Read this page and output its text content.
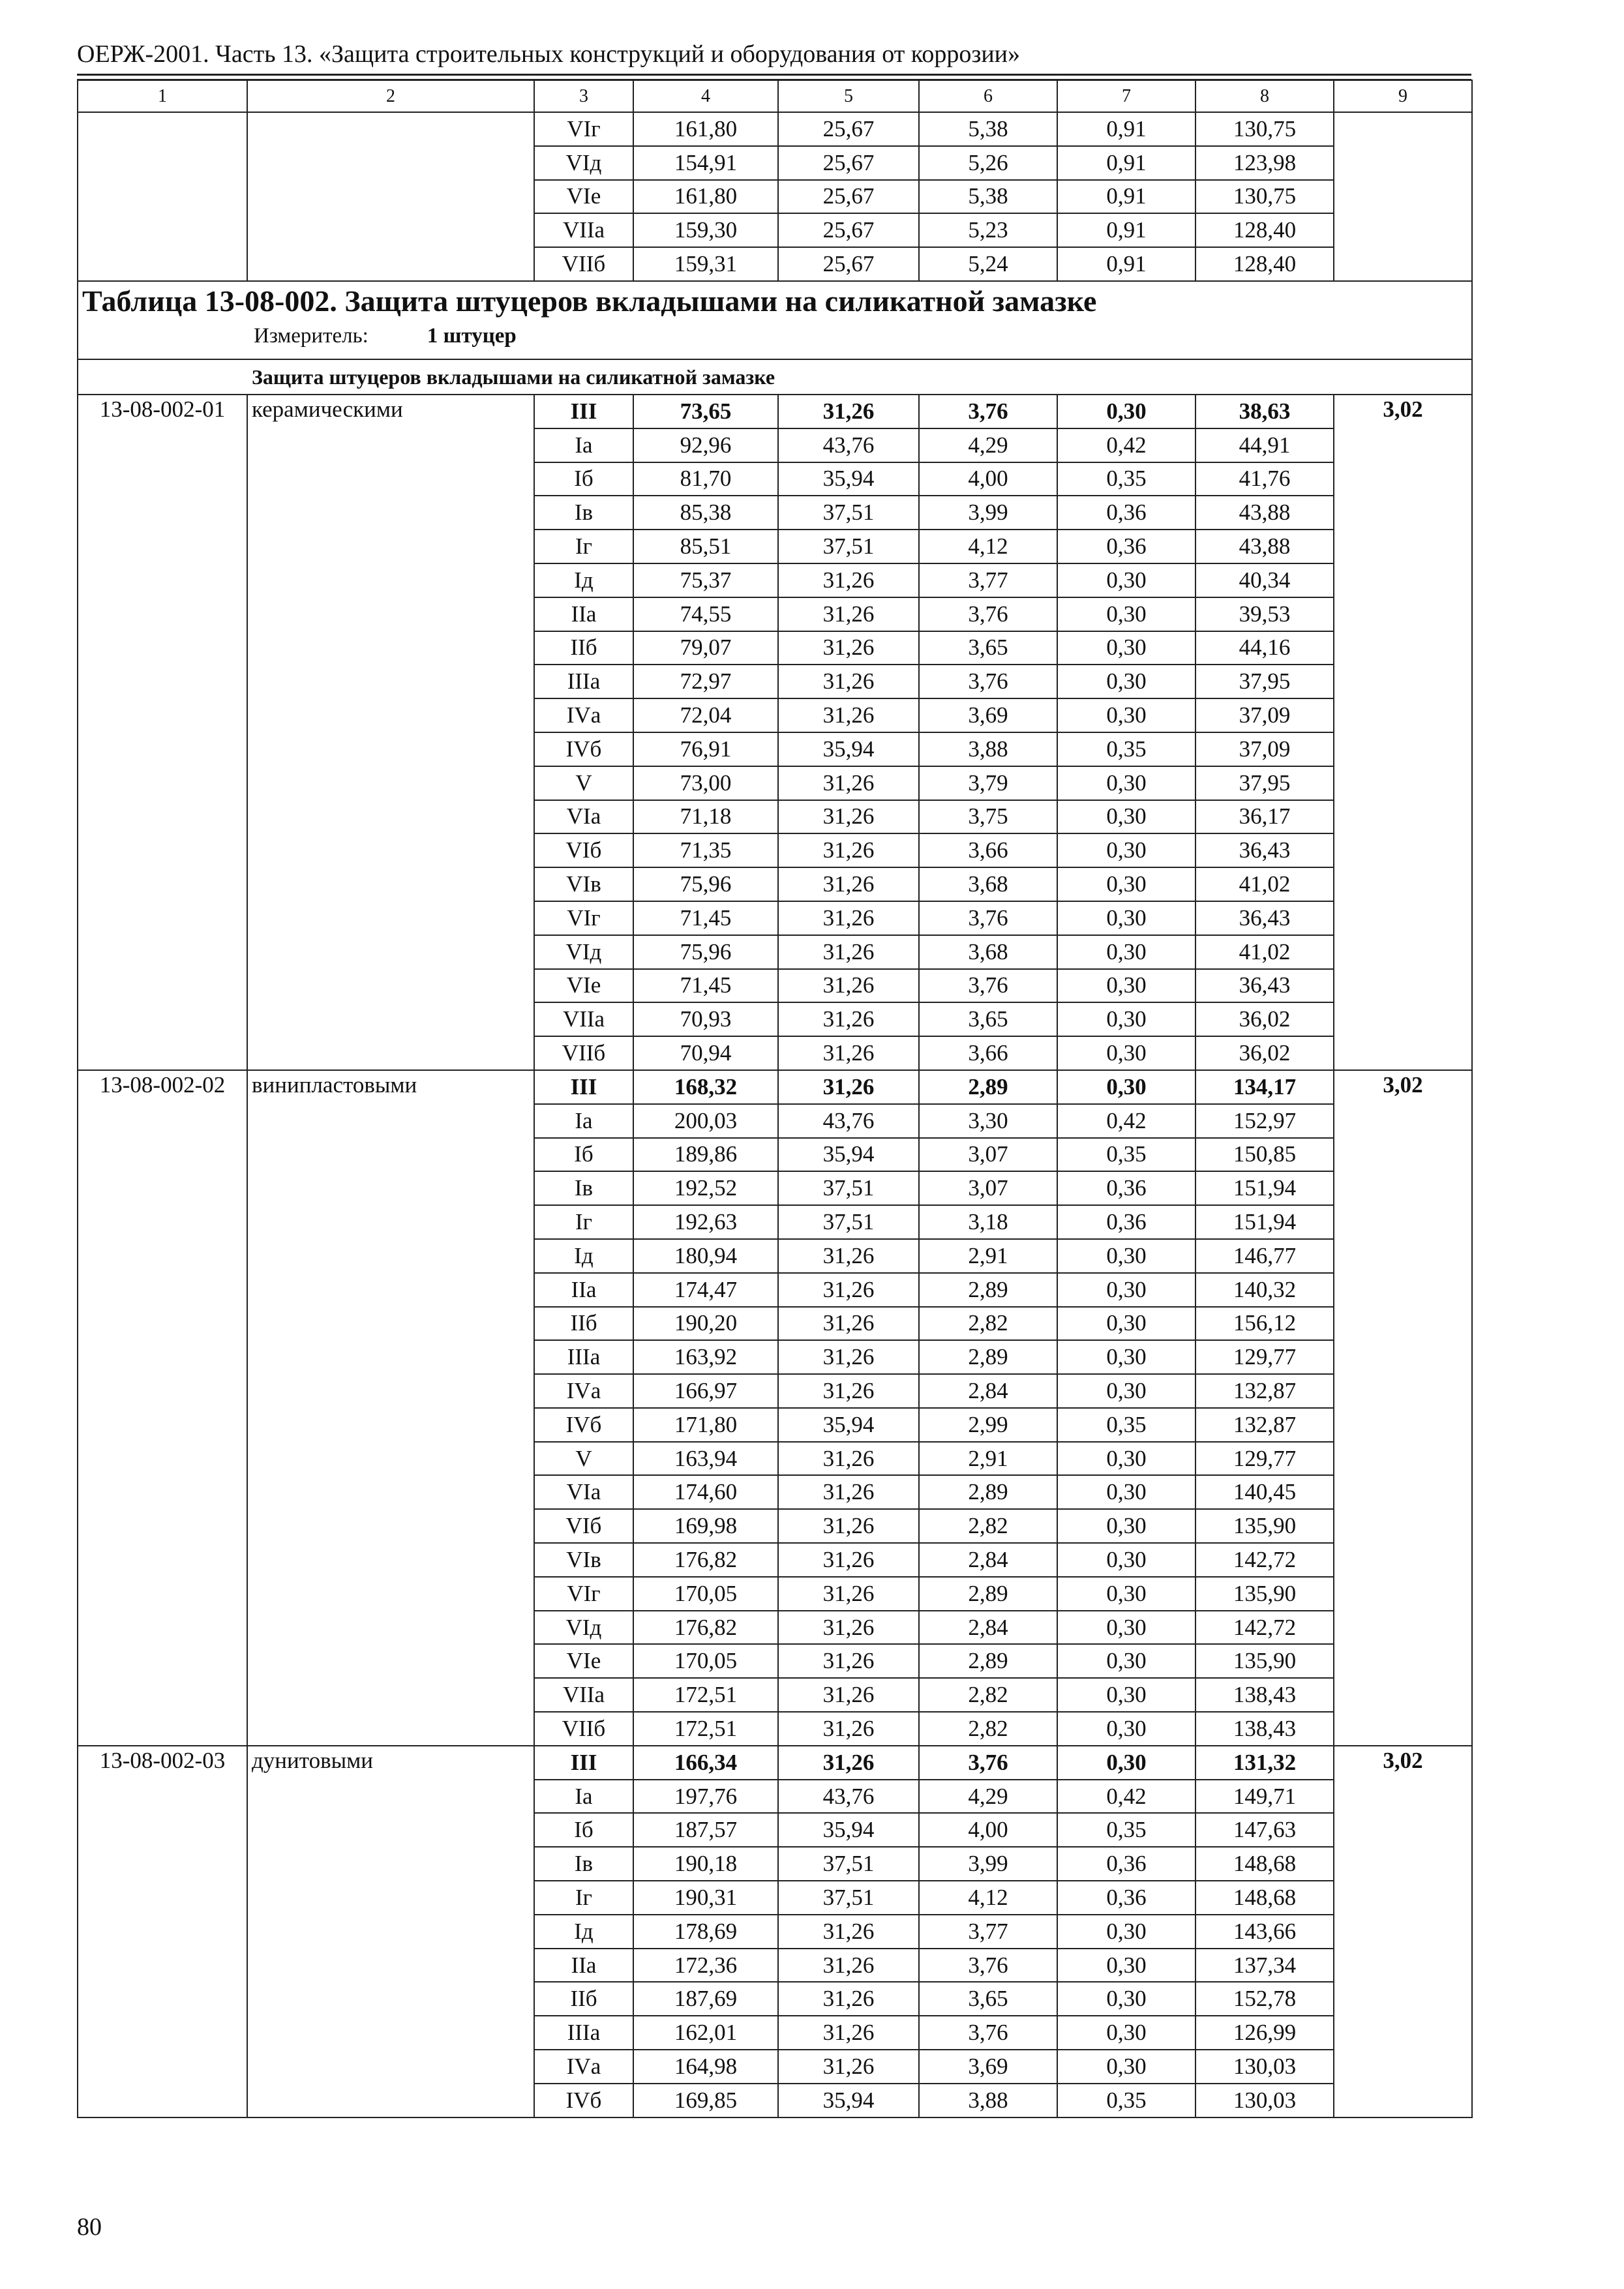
ОЕРЖ-2001. Часть 13. «Защита строительных конструкций и оборудования от коррозии»
1	2	3	4	5	6	7	8	9
		VIг	161,80	25,67	5,38	0,91	130,75	
		VIд	154,91	25,67	5,26	0,91	123,98	
		VIе	161,80	25,67	5,38	0,91	130,75	
		VIIа	159,30	25,67	5,23	0,91	128,40	
		VIIб	159,31	25,67	5,24	0,91	128,40	

Таблица 13-08-002. Защита штуцеров вкладышами на силикатной замазке
Измеритель: 1 штуцер								

	Защита штуцеров вкладышами на силикатной замазке							
13-08-002-01	керамическими	III	73,65	31,26	3,76	0,30	38,63	3,02
		Iа	92,96	43,76	4,29	0,42	44,91	
		Iб	81,70	35,94	4,00	0,35	41,76	
		Iв	85,38	37,51	3,99	0,36	43,88	
		Iг	85,51	37,51	4,12	0,36	43,88	
		Iд	75,37	31,26	3,77	0,30	40,34	
		IIа	74,55	31,26	3,76	0,30	39,53	
		IIб	79,07	31,26	3,65	0,30	44,16	
		IIIа	72,97	31,26	3,76	0,30	37,95	
		IVа	72,04	31,26	3,69	0,30	37,09	
		IVб	76,91	35,94	3,88	0,35	37,09	
		V	73,00	31,26	3,79	0,30	37,95	
		VIа	71,18	31,26	3,75	0,30	36,17	
		VIб	71,35	31,26	3,66	0,30	36,43	
		VIв	75,96	31,26	3,68	0,30	41,02	
		VIг	71,45	31,26	3,76	0,30	36,43	
		VIд	75,96	31,26	3,68	0,30	41,02	
		VIе	71,45	31,26	3,76	0,30	36,43	
		VIIа	70,93	31,26	3,65	0,30	36,02	
		VIIб	70,94	31,26	3,66	0,30	36,02	
13-08-002-02	винипластовыми	III	168,32	31,26	2,89	0,30	134,17	3,02
		Iа	200,03	43,76	3,30	0,42	152,97	
		Iб	189,86	35,94	3,07	0,35	150,85	
		Iв	192,52	37,51	3,07	0,36	151,94	
		Iг	192,63	37,51	3,18	0,36	151,94	
		Iд	180,94	31,26	2,91	0,30	146,77	
		IIа	174,47	31,26	2,89	0,30	140,32	
		IIб	190,20	31,26	2,82	0,30	156,12	
		IIIа	163,92	31,26	2,89	0,30	129,77	
		IVа	166,97	31,26	2,84	0,30	132,87	
		IVб	171,80	35,94	2,99	0,35	132,87	
		V	163,94	31,26	2,91	0,30	129,77	
		VIа	174,60	31,26	2,89	0,30	140,45	
		VIб	169,98	31,26	2,82	0,30	135,90	
		VIв	176,82	31,26	2,84	0,30	142,72	
		VIг	170,05	31,26	2,89	0,30	135,90	
		VIд	176,82	31,26	2,84	0,30	142,72	
		VIе	170,05	31,26	2,89	0,30	135,90	
		VIIа	172,51	31,26	2,82	0,30	138,43	
		VIIб	172,51	31,26	2,82	0,30	138,43	
13-08-002-03	дунитовыми	III	166,34	31,26	3,76	0,30	131,32	3,02
		Iа	197,76	43,76	4,29	0,42	149,71	
		Iб	187,57	35,94	4,00	0,35	147,63	
		Iв	190,18	37,51	3,99	0,36	148,68	
		Iг	190,31	37,51	4,12	0,36	148,68	
		Iд	178,69	31,26	3,77	0,30	143,66	
		IIа	172,36	31,26	3,76	0,30	137,34	
		IIб	187,69	31,26	3,65	0,30	152,78	
		IIIа	162,01	31,26	3,76	0,30	126,99	
		IVа	164,98	31,26	3,69	0,30	130,03	
		IVб	169,85	35,94	3,88	0,35	130,03	
80
